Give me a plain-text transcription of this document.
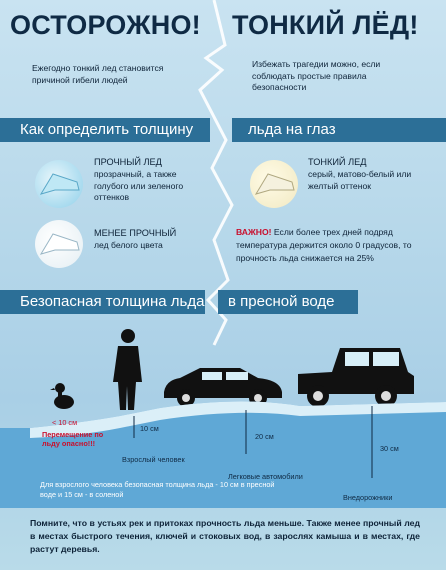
ОСТОРОЖНО! ТОНКИЙ ЛЁД!
Ежегодно тонкий лед становится причиной гибели людей
Избежать трагедии можно, если соблюдать простые правила безопасности
Как определить толщину	льда на глаз
ПРОЧНЫЙ ЛЕД
прозрачный, а также голубого или зеленого оттенков
ТОНКИЙ ЛЕД
серый, матово-белый или желтый оттенок
МЕНЕЕ ПРОЧНЫЙ
лед белого цвета
ВАЖНО! Если более трех дней подряд температура держится около 0 градусов, то прочность льда снижается на 25%
Безопасная толщина льда	в пресной воде
< 10 см
Перемещение по льду опасно!!!
10 см
Взрослый человек
20 см
Легковые автомобили
30 см
Внедорожники
Для взрослого человека безопасная толщина льда - 10 см в пресной воде и 15 см - в соленой
Помните, что в устьях рек и притоках прочность льда меньше. Также менее прочный лед в местах быстрого течения, ключей и стоковых вод, в зарослях камыша и в местах, где растут деревья.
